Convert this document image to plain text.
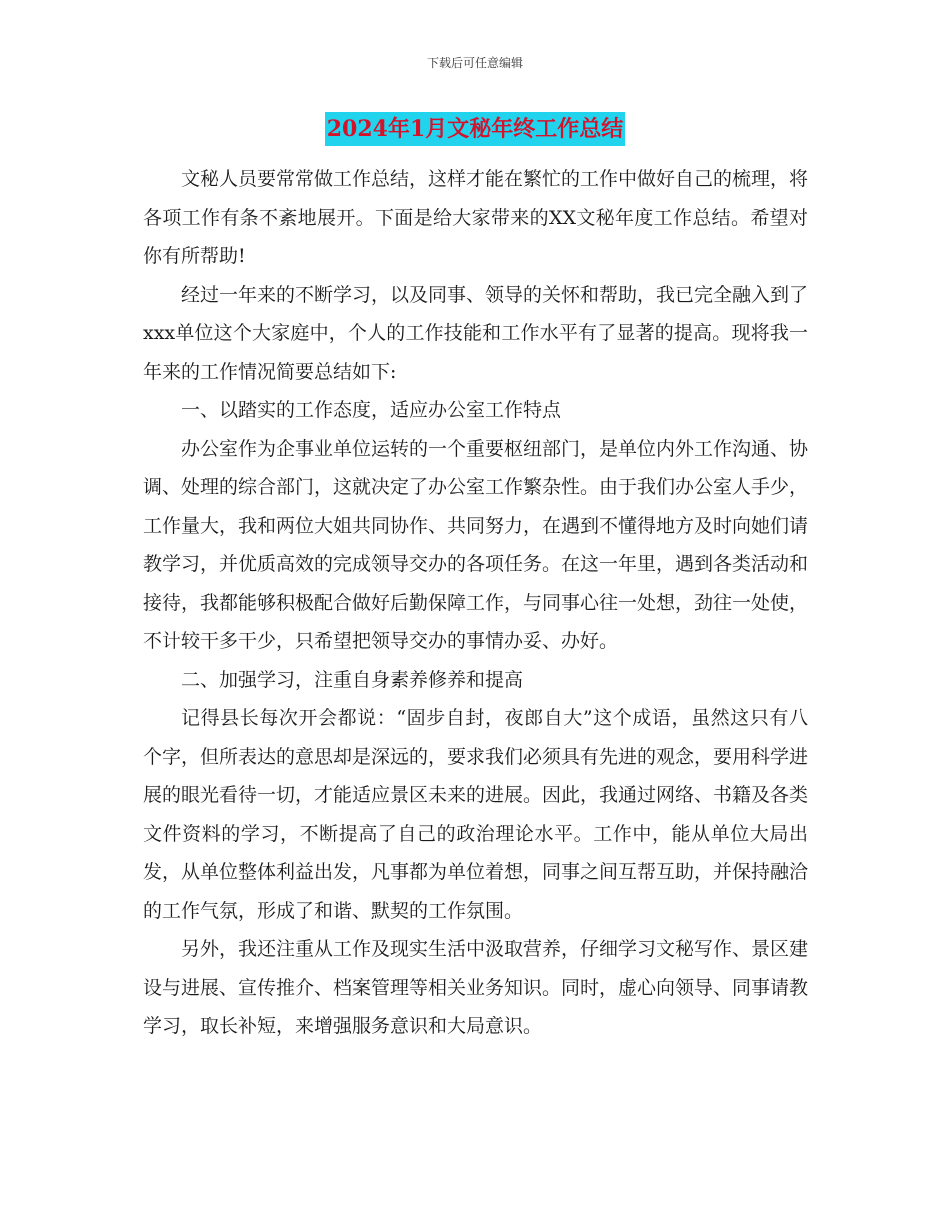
下载后可任意编辑
2024年1月文秘年终工作总结

文秘人员要常常做工作总结，这样才能在繁忙的工作中做好自己的梳理，将各项工作有条不紊地展开。下面是给大家带来的XX文秘年度工作总结。希望对你有所帮助!

经过一年来的不断学习，以及同事、领导的关怀和帮助，我已完全融入到了xxx单位这个大家庭中，个人的工作技能和工作水平有了显著的提高。现将我一年来的工作情况简要总结如下:

一、以踏实的工作态度，适应办公室工作特点

办公室作为企事业单位运转的一个重要枢纽部门，是单位内外工作沟通、协调、处理的综合部门，这就决定了办公室工作繁杂性。由于我们办公室人手少，工作量大，我和两位大姐共同协作、共同努力，在遇到不懂得地方及时向她们请教学习，并优质高效的完成领导交办的各项任务。在这一年里，遇到各类活动和接待，我都能够积极配合做好后勤保障工作，与同事心往一处想，劲往一处使，不计较干多干少，只希望把领导交办的事情办妥、办好。

二、加强学习，注重自身素养修养和提高

记得县长每次开会都说：“固步自封，夜郎自大”这个成语，虽然这只有八个字，但所表达的意思却是深远的，要求我们必须具有先进的观念，要用科学进展的眼光看待一切，才能适应景区未来的进展。因此，我通过网络、书籍及各类文件资料的学习，不断提高了自己的政治理论水平。工作中，能从单位大局出发，从单位整体利益出发，凡事都为单位着想，同事之间互帮互助，并保持融洽的工作气氛，形成了和谐、默契的工作氛围。

另外，我还注重从工作及现实生活中汲取营养，仔细学习文秘写作、景区建设与进展、宣传推介、档案管理等相关业务知识。同时，虚心向领导、同事请教学习，取长补短，来增强服务意识和大局意识。
